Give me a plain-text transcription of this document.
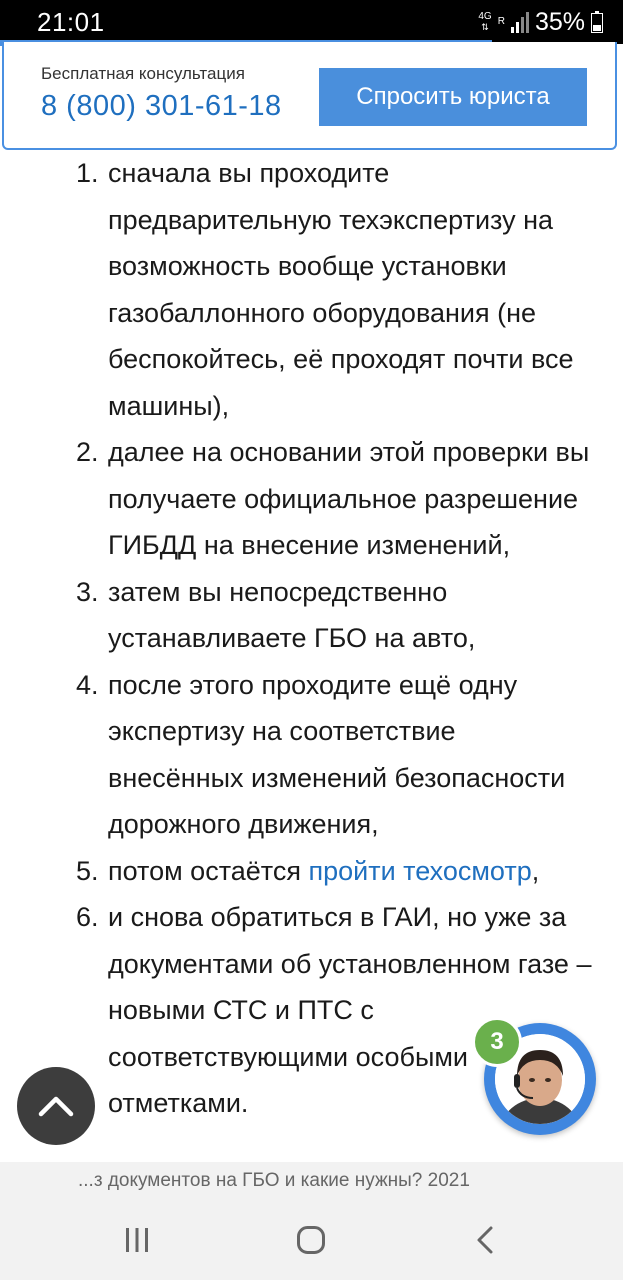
21:01	4G
⇅ R 35%
Бесплатная консультация
8 (800) 301-61-18	Спросить юриста
1. сначала вы проходите предварительную техэкспертизу на возможность вообще установки газобаллонного оборудования (не беспокойтесь, её проходят почти все машины),
2. далее на основании этой проверки вы получаете официальное разрешение ГИБДД на внесение изменений,
3. затем вы непосредственно устанавливаете ГБО на авто,
4. после этого проходите ещё одну экспертизу на соответствие внесённых изменений безопасности дорожного движения,
5. потом остаётся пройти техосмотр,
6. и снова обратиться в ГАИ, но уже за документами об установленном газе – новыми СТС и ПТС с соответствующими особыми отметками.
3
...з документов на ГБО и какие нужны? 2021
